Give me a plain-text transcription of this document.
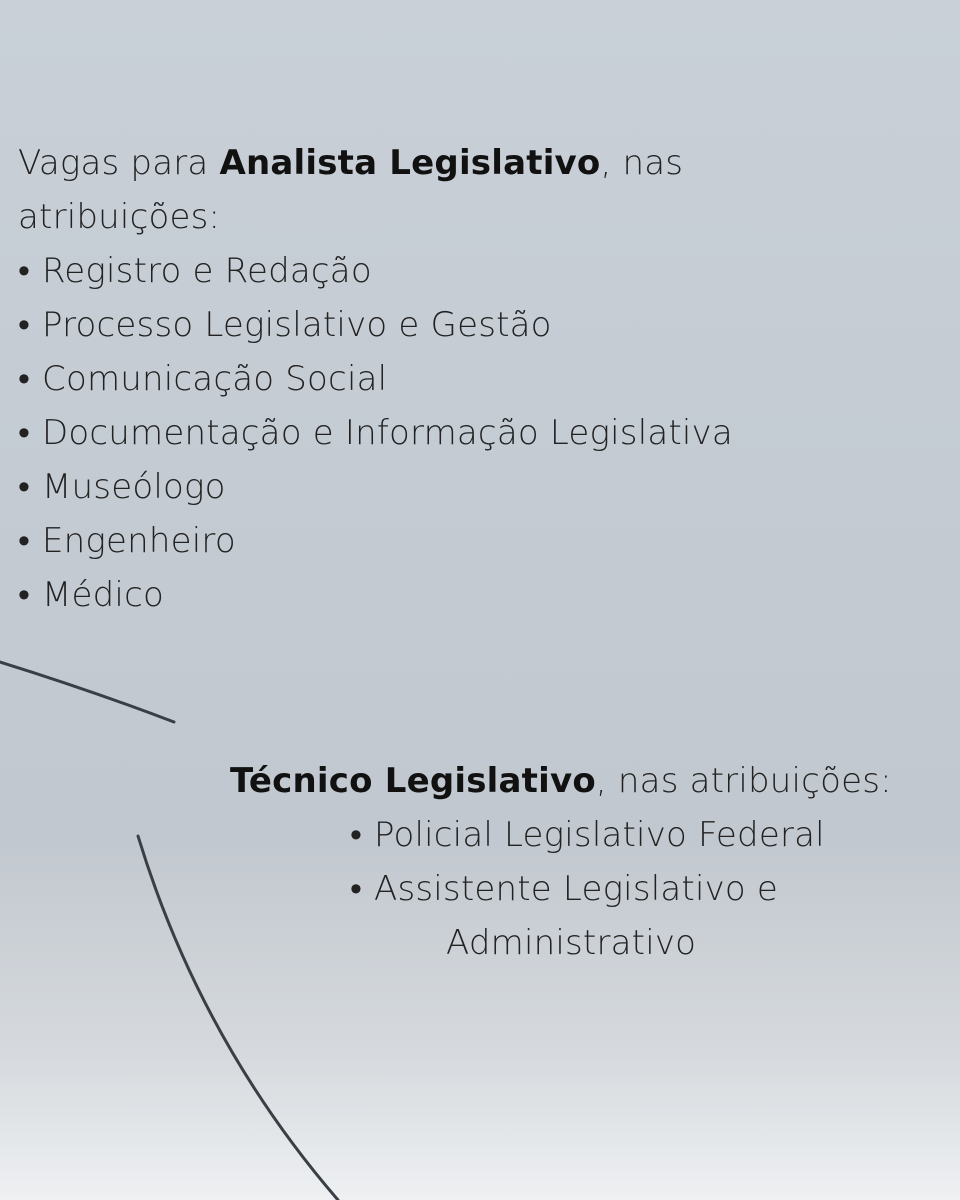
Vagas para Analista Legislativo, nas
atribuições:
• Registro e Redação
• Processo Legislativo e Gestão
• Comunicação Social
• Documentação e Informação Legislativa
• Museólogo
• Engenheiro
• Médico
Técnico Legislativo, nas atribuições:
• Policial Legislativo Federal
• Assistente Legislativo e
Administrativo
